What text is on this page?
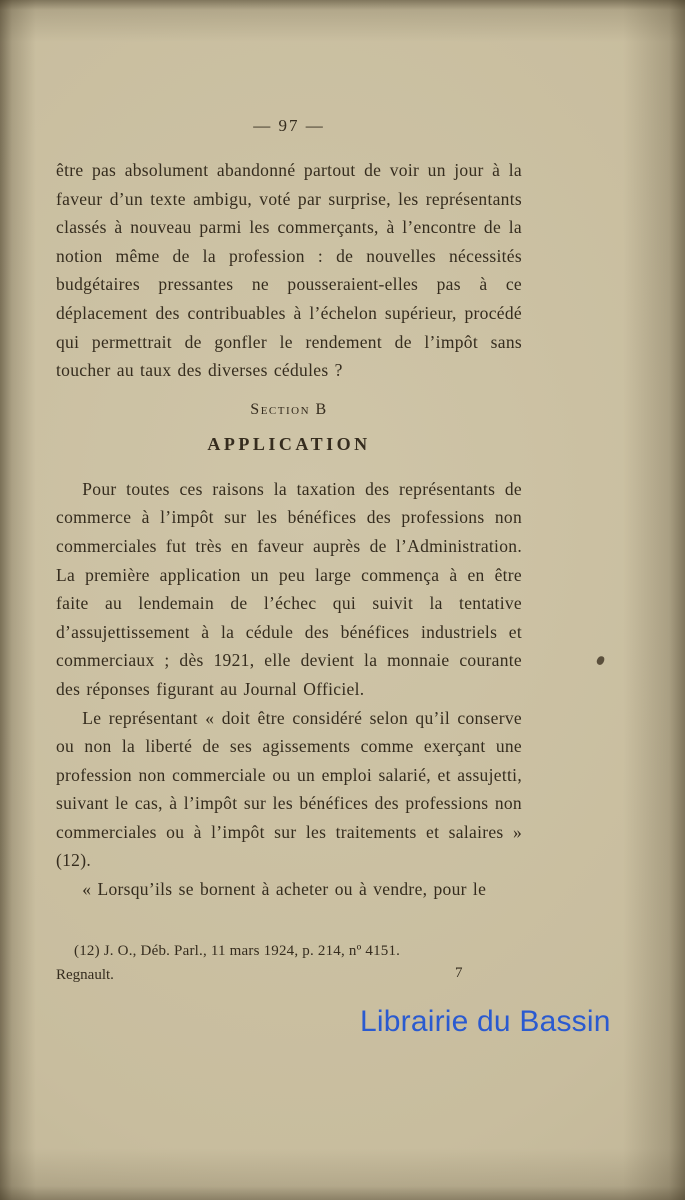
— 97 —

être pas absolument abandonné partout de voir un jour à la faveur d’un texte ambigu, voté par surprise, les représentants classés à nouveau parmi les commerçants, à l’encontre de la notion même de la profession : de nouvelles nécessités budgétaires pressantes ne pousseraient-elles pas à ce déplacement des contribuables à l’échelon supérieur, procédé qui permettrait de gonfler le rendement de l’impôt sans toucher au taux des diverses cédules ?

Section B
APPLICATION

Pour toutes ces raisons la taxation des représentants de commerce à l’impôt sur les bénéfices des professions non commerciales fut très en faveur auprès de l’Administration. La première application un peu large commença à en être faite au lendemain de l’échec qui suivit la tentative d’assujettissement à la cédule des bénéfices industriels et commerciaux ; dès 1921, elle devient la monnaie courante des réponses figurant au Journal Officiel.

Le représentant « doit être considéré selon qu’il conserve ou non la liberté de ses agissements comme exerçant une profession non commerciale ou un emploi salarié, et assujetti, suivant le cas, à l’impôt sur les bénéfices des professions non commerciales ou à l’impôt sur les traitements et salaires » (12).

« Lorsqu’ils se bornent à acheter ou à vendre, pour le

(12) J. O., Déb. Parl., 11 mars 1924, p. 214, nº 4151.
Regnault.	7
Librairie du Bassin
